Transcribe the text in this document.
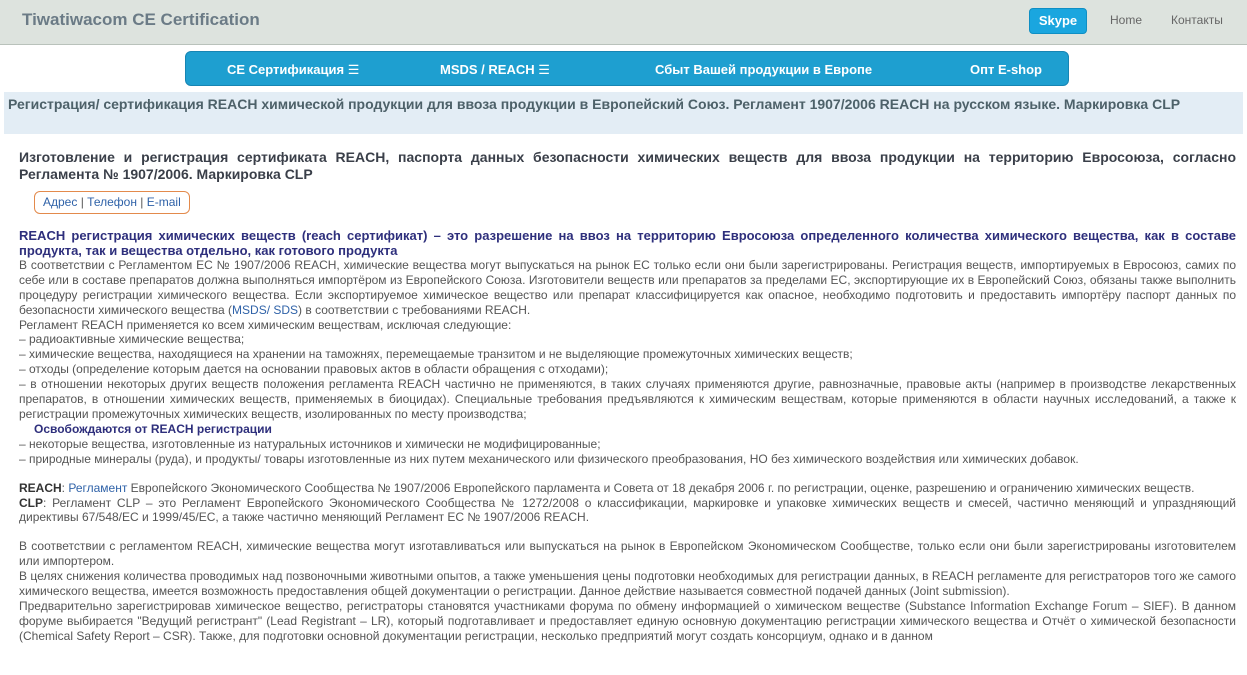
Tiwatiwacom CE Certification	Skype	Home Контакты
CE Сертификация ☰	MSDS / REACH ☰	Сбыт Вашей продукции в Европе	Опт E-shop
Регистрация/ сертификация REACH химической продукции для ввоза продукции в Европейский Союз. Регламент 1907/2006 REACH на русском языке. Маркировка CLP
Изготовление и регистрация сертификата REACH, паспорта данных безопасности химических веществ для ввоза продукции на территорию Евросоюза, согласно Регламента № 1907/2006. Маркировка CLP
Адрес | Телефон | E-mail
REACH регистрация химических веществ (reach сертификат) – это разрешение на ввоз на территорию Евросоюза определенного количества химического вещества, как в составе продукта, так и вещества отдельно, как готового продукта

В соответствии с Регламентом ЕС № 1907/2006 REACH, химические вещества могут выпускаться на рынок ЕС только если они были зарегистрированы. Регистрация веществ, импортируемых в Евросоюз, самих по себе или в составе препаратов должна выполняться импортёром из Европейского Союза. Изготовители веществ или препаратов за пределами ЕС, экспортирующие их в Европейский Союз, обязаны также выполнить процедуру регистрации химического вещества. Если экспортируемое химическое вещество или препарат классифицируется как опасное, необходимо подготовить и предоставить импортёру паспорт данных по безопасности химического вещества (MSDS/ SDS) в соответствии с требованиями REACH.

Регламент REACH применяется ко всем химическим веществам, исключая следующие:

– радиоактивные химические вещества;

– химические вещества, находящиеся на хранении на таможнях, перемещаемые транзитом и не выделяющие промежуточных химических веществ;

– отходы (определение которым дается на основании правовых актов в области обращения с отходами);

– в отношении некоторых других веществ положения регламента REACH частично не применяются, в таких случаях применяются другие, равнозначные, правовые акты (например в производстве лекарственных препаратов, в отношении химических веществ, применяемых в биоцидах). Специальные требования предъявляются к химическим веществам, которые применяются в области научных исследований, а также к регистрации промежуточных химических веществ, изолированных по месту производства;

Освобождаются от REACH регистрации

– некоторые вещества, изготовленные из натуральных источников и химически не модифицированные;

– природные минералы (руда), и продукты/ товары изготовленные из них путем механического или физического преобразования, НО без химического воздействия или химических добавок.

REACH: Регламент Европейского Экономического Сообщества № 1907/2006 Европейского парламента и Совета от 18 декабря 2006 г. по регистрации, оценке, разрешению и ограничению химических веществ.

CLP: Регламент CLP – это Регламент Европейского Экономического Сообщества № 1272/2008 о классификации, маркировке и упаковке химических веществ и смесей, частично меняющий и упраздняющий директивы 67/548/EC и 1999/45/EC, а также частично меняющий Регламент ЕС № 1907/2006 REACH.

В соответствии с регламентом REACH, химические вещества могут изготавливаться или выпускаться на рынок в Европейском Экономическом Сообществе, только если они были зарегистрированы изготовителем или импортером.

В целях снижения количества проводимых над позвоночными животными опытов, а также уменьшения цены подготовки необходимых для регистрации данных, в REACH регламенте для регистраторов того же самого химического вещества, имеется возможность предоставления общей документации о регистрации. Данное действие называется совместной подачей данных (Joint submission).

Предварительно зарегистрировав химическое вещество, регистраторы становятся участниками форума по обмену информацией о химическом веществе (Substance Information Exchange Forum – SIEF). В данном форуме выбирается "Ведущий регистрант" (Lead Registrant – LR), который подготавливает и предоставляет единую основную документацию регистрации химического вещества и Отчёт о химической безопасности (Chemical Safety Report – CSR). Также, для подготовки основной документации регистрации, несколько предприятий могут создать консорциум, однако и в данном
